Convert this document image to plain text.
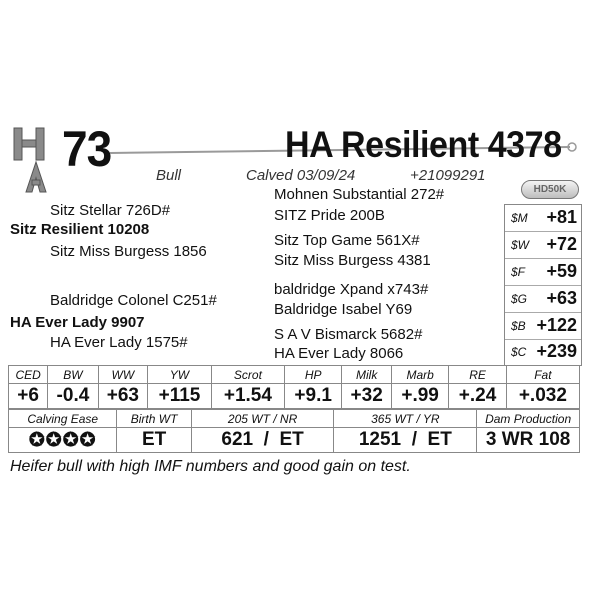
73	HA Resilient 4378
Bull	Calved 03/09/24	+21099291
HD50K
Sitz Stellar 726D#
Sitz Resilient 10208
Sitz Miss Burgess 1856
Baldridge Colonel C251#
HA Ever Lady 9907
HA Ever Lady 1575#
Mohnen Substantial 272#
SITZ Pride 200B
Sitz Top Game 561X#
Sitz Miss Burgess 4381
baldridge Xpand x743#
Baldridge Isabel Y69
S A V Bismarck 5682#
HA Ever Lady 8066
$M +81
$W +72
$F +59
$G +63
$B +122
$C +239
CED	BW	WW	YW	Scrot	HP	Milk	Marb	RE	Fat
+6	-0.4	+63	+115	+1.54	+9.1	+32	+.99	+.24	+.032
Calving Ease	Birth WT	205 WT / NR	365 WT / YR	Dam Production
✪✪✪✪	ET	621 / ET	1251 / ET	3 WR 108
Heifer bull with high IMF numbers and good gain on test.
